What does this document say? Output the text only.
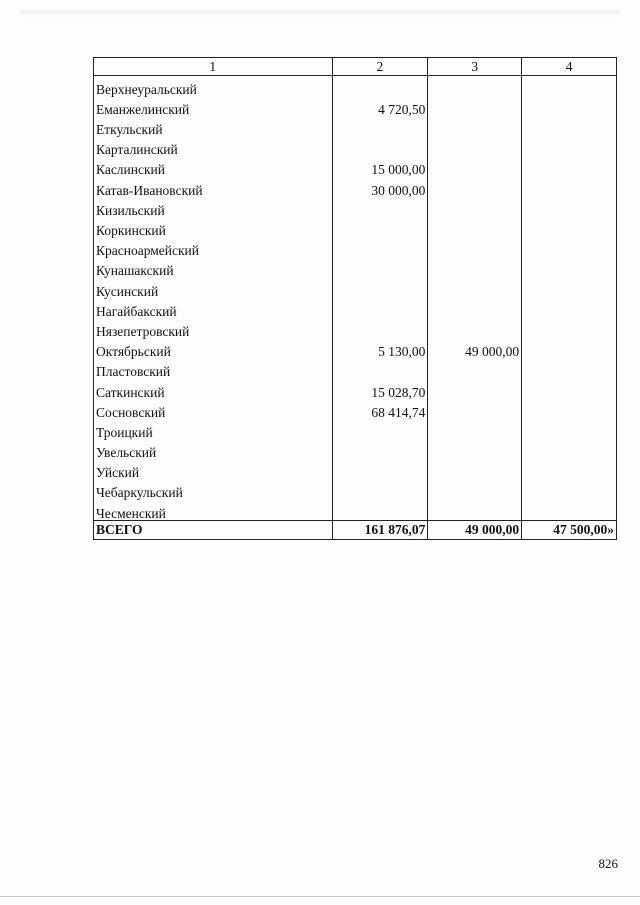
1	2	3	4
Верхнеуральский			
Еманжелинский	4 720,50		
Еткульский			
Карталинский			
Каслинский	15 000,00		
Катав-Ивановский	30 000,00		
Кизильский			
Коркинский			
Красноармейский			
Кунашакский			
Кусинский			
Нагайбакский			
Нязепетровский			
Октябрьский	5 130,00	49 000,00	
Пластовский			
Саткинский	15 028,70		
Сосновский	68 414,74		
Троицкий			
Увельский			
Уйский			
Чебаркульский			
Чесменский			
ВСЕГО	161 876,07	49 000,00	47 500,00»
826
